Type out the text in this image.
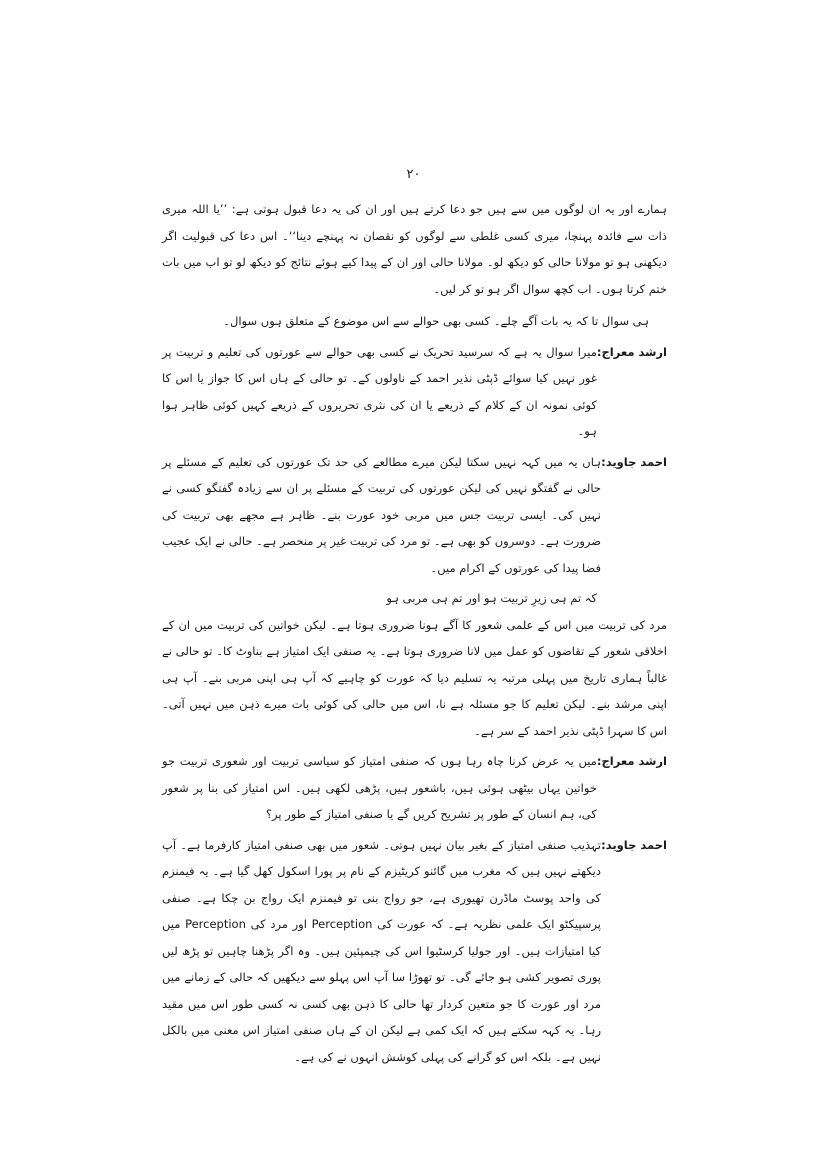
۲۰

ہمارے اور یہ ان لوگوں میں سے ہیں جو دعا کرتے ہیں اور ان کی یہ دعا قبول ہوتی ہے: ’’یا اللہ میری ذات سے فائدہ پہنچا، میری کسی غلطی سے لوگوں کو نقصان نہ پہنچے دینا‘‘۔ اس دعا کی قبولیت اگر دیکھنی ہو تو مولانا حالی کو دیکھ لو۔ مولانا حالی اور ان کے پیدا کیے ہوئے نتائج کو دیکھ لو تو اب میں بات ختم کرتا ہوں۔ اب کچھ سوال اگر ہو تو کر لیں۔

ہی سوال تا کہ یہ بات آگے چلے۔ کسی بھی حوالے سے اس موضوع کے متعلق ہوں سوال۔

ارشد معراج:
میرا سوال یہ ہے کہ سرسید تحریک نے کسی بھی حوالے سے عورتوں کی تعلیم و تربیت پر غور نہیں کیا سوائے ڈپٹی نذیر احمد کے ناولوں کے۔ تو حالی کے ہاں اس کا جواز یا اس کا کوئی نمونہ ان کے کلام کے ذریعے یا ان کی نثری تحریروں کے ذریعے کہیں کوئی ظاہر ہوا ہو۔
احمد جاوید:
ہاں یہ میں کہہ نہیں سکتا لیکن میرے مطالعے کی حد تک عورتوں کی تعلیم کے مسئلے پر حالی نے گفتگو نہیں کی لیکن عورتوں کی تربیت کے مسئلے پر ان سے زیادہ گفتگو کسی نے نہیں کی۔ ایسی تربیت جس میں مربی خود عورت بنے۔ ظاہر ہے مجھے بھی تربیت کی ضرورت ہے۔ دوسروں کو بھی ہے۔ تو مرد کی تربیت غیر پر منحصر ہے۔ حالی نے ایک عجیب فضا پیدا کی عورتوں کے اکرام میں۔

کہ تم ہی زیرِ تربیت ہو اور تم ہی مربی ہو

مرد کی تربیت میں اس کے علمی شعور کا آگے ہونا ضروری ہوتا ہے۔ لیکن خواتین کی تربیت میں ان کے اخلاقی شعور کے تقاضوں کو عمل میں لانا ضروری ہوتا ہے۔ یہ صنفی ایک امتیاز ہے بناوٹ کا۔ تو حالی نے غالباً ہماری تاریخ میں پہلی مرتبہ یہ تسلیم دیا کہ عورت کو چاہیے کہ آپ ہی اپنی مربی بنے۔ آپ ہی اپنی مرشد بنے۔ لیکن تعلیم کا جو مسئلہ ہے نا، اس میں حالی کی کوئی بات میرے ذہن میں نہیں آتی۔ اس کا سہرا ڈپٹی نذیر احمد کے سر ہے۔

ارشد معراج:
میں یہ عرض کرنا چاہ رہا ہوں کہ صنفی امتیاز کو سیاسی تربیت اور شعوری تربیت جو خواتین یہاں بیٹھی ہوئی ہیں، باشعور ہیں، پڑھی لکھی ہیں۔ اس امتیاز کی بنا پر شعور کی، ہم انسان کے طور پر تشریح کریں گے یا صنفی امتیاز کے طور پر؟
احمد جاوید:
تہذیب صنفی امتیاز کے بغیر بیان نہیں ہوتی۔ شعور میں بھی صنفی امتیاز کارفرما ہے۔ آپ دیکھتے نہیں ہیں کہ مغرب میں گائنو کریٹیزم کے نام پر پورا اسکول کھل گیا ہے۔ یہ فیمنزم کی واحد پوسٹ ماڈرن تھیوری ہے، جو رواج بنی تو فیمنزم ایک رواج بن چکا ہے۔ صنفی پرسپیکٹو ایک علمی نظریہ ہے۔ کہ عورت کی Perception اور مرد کی Perception میں کیا امتیازات ہیں۔ اور جولیا کرسٹیوا اس کی چیمپئین ہیں۔ وہ اگر پڑھنا چاہیں تو پڑھ لیں پوری تصویر کشی ہو جائے گی۔ تو تھوڑا سا آپ اس پہلو سے دیکھیں کہ حالی کے زمانے میں مرد اور عورت کا جو متعین کردار تھا حالی کا ذہن بھی کسی نہ کسی طور اس میں مقید رہا۔ یہ کہہ سکتے ہیں کہ ایک کمی ہے لیکن ان کے ہاں صنفی امتیاز اس معنی میں بالکل نہیں ہے۔ بلکہ اس کو گرانے کی پہلی کوشش انہوں نے کی ہے۔
